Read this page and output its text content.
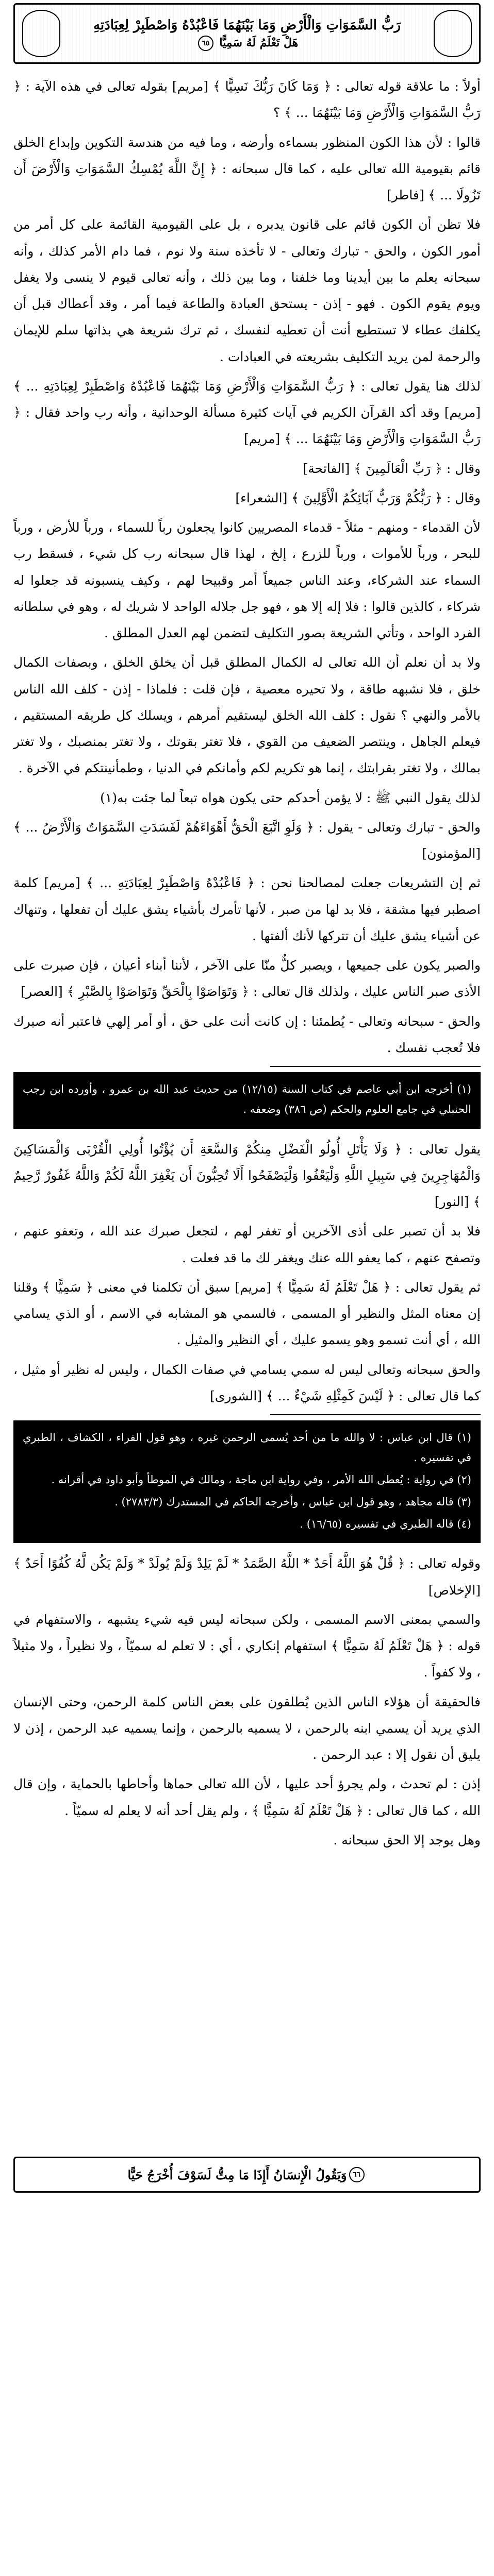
رَبُّ السَّمَوَاتِ وَالْأَرْضِ وَمَا بَيْنَهُمَا فَاعْبُدْهُ وَاصْطَبِرْ لِعِبَادَتِهِ
هَلْ تَعْلَمُ لَهُ سَمِيًّا ٦٥

أولاً : ما علاقة قوله تعالى : ﴿ وَمَا كَانَ رَبُّكَ نَسِيًّا ﴾ [مريم] بقوله تعالى في هذه الآية : ﴿ رَبُّ السَّمَوَاتِ وَالْأَرْضِ وَمَا بَيْنَهُمَا ... ﴾ ؟

قالوا : لأن هذا الكون المنظور بسماءه وأرضه ، وما فيه من هندسة التكوين وإبداع الخلق قائم بقيومية الله تعالى عليه ، كما قال سبحانه : ﴿ إِنَّ اللَّهَ يُمْسِكُ السَّمَوَاتِ وَالْأَرْضَ أَن تَزُولَا ... ﴾ [فاطر]

فلا تظن أن الكون قائم على قانون يدبره ، بل على القيومية القائمة على كل أمر من أمور الكون ، والحق - تبارك وتعالى - لا تأخذه سنة ولا نوم ، فما دام الأمر كذلك ، وأنه سبحانه يعلم ما بين أيدينا وما خلفنا ، وما بين ذلك ، وأنه تعالى قيوم لا ينسى ولا يغفل ويوم يقوم الكون . فهو - إذن - يستحق العبادة والطاعة فيما أمر ، وقد أعطاك قبل أن يكلفك عطاء لا تستطيع أنت أن تعطيه لنفسك ، ثم ترك شريعة هي بذاتها سلم للإيمان والرحمة لمن يريد التكليف بشريعته في العبادات .

لذلك هنا يقول تعالى : ﴿ رَبُّ السَّمَوَاتِ وَالْأَرْضِ وَمَا بَيْنَهُمَا فَاعْبُدْهُ وَاصْطَبِرْ لِعِبَادَتِهِ ... ﴾ [مريم] وقد أكد القرآن الكريم في آيات كثيرة مسألة الوحدانية ، وأنه رب واحد فقال : ﴿ رَبُّ السَّمَوَاتِ وَالْأَرْضِ وَمَا بَيْنَهُمَا ... ﴾ [مريم]

وقال : ﴿ رَبِّ الْعَالَمِينَ ﴾ [الفاتحة]

وقال : ﴿ رَبُّكُمْ وَرَبُّ آبَائِكُمُ الْأَوَّلِينَ ﴾ [الشعراء]

لأن القدماء - ومنهم - مثلاً - قدماء المصريين كانوا يجعلون رباً للسماء ، ورباً للأرض ، ورباً للبحر ، ورباً للأموات ، ورباً للزرع ، إلخ ، لهذا قال سبحانه رب كل شيء ، فسقط رب السماء عند الشركاء، وعند الناس جميعاً أمر وقبيحا لهم ، وكيف ينسبونه قد جعلوا له شركاء ، كالذين قالوا : فلا إله إلا هو ، فهو جل جلاله الواحد لا شريك له ، وهو في سلطانه الفرد الواحد ، وتأتي الشريعة بصور التكليف لتضمن لهم العدل المطلق .

ولا بد أن نعلم أن الله تعالى له الكمال المطلق قبل أن يخلق الخلق ، وبصفات الكمال خلق ، فلا نشبهه طاقة ، ولا تحيره معصية ، فإن قلت : فلماذا - إذن - كلف الله الناس بالأمر والنهي ؟ نقول : كلف الله الخلق ليستقيم أمرهم ، ويسلك كل طريقه المستقيم ، فيعلم الجاهل ، وينتصر الضعيف من القوي ، فلا تغتر بقوتك ، ولا تغتر بمنصبك ، ولا تغتر بمالك ، ولا تغتر بقرابتك ، إنما هو تكريم لكم وأمانكم في الدنيا ، وطمأنينتكم في الآخرة .

لذلك يقول النبي ﷺ : لا يؤمن أحدكم حتى يكون هواه تبعاً لما جئت به(١)

والحق - تبارك وتعالى - يقول : ﴿ وَلَوِ اتَّبَعَ الْحَقُّ أَهْوَاءَهُمْ لَفَسَدَتِ السَّمَوَاتُ وَالْأَرْضُ ... ﴾ [المؤمنون]

ثم إن التشريعات جعلت لمصالحنا نحن : ﴿ فَاعْبُدْهُ وَاصْطَبِرْ لِعِبَادَتِهِ ... ﴾ [مريم] كلمة اصطبر فيها مشقة ، فلا بد لها من صبر ، لأنها تأمرك بأشياء يشق عليك أن تفعلها ، وتنهاك عن أشياء يشق عليك أن تتركها لأنك ألفتها .

والصبر يكون على جميعها ، ويصبر كلٌّ منّا على الآخر ، لأننا أبناء أعيان ، فإن صبرت على الأذى صبر الناس عليك ، ولذلك قال تعالى : ﴿ وَتَوَاصَوْا بِالْحَقِّ وَتَوَاصَوْا بِالصَّبْرِ ﴾ [العصر]

والحق - سبحانه وتعالى - يُطمئنا : إن كانت أنت على حق ، أو أمر إلهي فاعتبر أنه صبرك فلا تُعجب نفسك .

(١) أخرجه ابن أبي عاصم في كتاب السنة (١٢/١٥) من حديث عبد الله بن عمرو ، وأورده ابن رجب الحنبلي في جامع العلوم والحكم (ص ٣٨٦) وضعفه .

يقول تعالى : ﴿ وَلَا يَأْتَلِ أُولُو الْفَضْلِ مِنكُمْ وَالسَّعَةِ أَن يُؤْتُوا أُولِي الْقُرْبَى وَالْمَسَاكِينَ وَالْمُهَاجِرِينَ فِي سَبِيلِ اللَّهِ وَلْيَعْفُوا وَلْيَصْفَحُوا أَلَا تُحِبُّونَ أَن يَغْفِرَ اللَّهُ لَكُمْ وَاللَّهُ غَفُورٌ رَّحِيمٌ ﴾ [النور]

فلا بد أن تصبر على أذى الآخرين أو تغفر لهم ، لتجعل صبرك عند الله ، وتعفو عنهم ، وتصفح عنهم ، كما يعفو الله عنك ويغفر لك ما قد فعلت .

ثم يقول تعالى : ﴿ هَلْ تَعْلَمُ لَهُ سَمِيًّا ﴾ [مريم] سبق أن تكلمنا في معنى ﴿ سَمِيًّا ﴾ وقلنا إن معناه المثل والنظير أو المسمى ، فالسمي هو المشابه في الاسم ، أو الذي يسامي الله ، أي أنت تسمو وهو يسمو عليك ، أي النظير والمثيل .

والحق سبحانه وتعالى ليس له سمي يسامي في صفات الكمال ، وليس له نظير أو مثيل ، كما قال تعالى : ﴿ لَيْسَ كَمِثْلِهِ شَيْءٌ ... ﴾ [الشورى]

(١) قال ابن عباس : لا والله ما من أحد يُسمى الرحمن غيره ، وهو قول الفراء ، الكشاف ، الطبري في تفسيره .

(٢) في رواية : يُعطى الله الأمر ، وفي رواية ابن ماجة ، ومالك في الموطأ وأبو داود في أقرانه .

(٣) قاله مجاهد ، وهو قول ابن عباس ، وأخرجه الحاكم في المستدرك (٢٧٨٣/٣) .

(٤) قاله الطبري في تفسيره (١٦/٦٥) .

وقوله تعالى : ﴿ قُلْ هُوَ اللَّهُ أَحَدٌ * اللَّهُ الصَّمَدُ * لَمْ يَلِدْ وَلَمْ يُولَدْ * وَلَمْ يَكُن لَّهُ كُفُوًا أَحَدٌ ﴾ [الإخلاص]

والسمي بمعنى الاسم المسمى ، ولكن سبحانه ليس فيه شيء يشبهه ، والاستفهام في قوله : ﴿ هَلْ تَعْلَمُ لَهُ سَمِيًّا ﴾ استفهام إنكاري ، أي : لا تعلم له سميّاً ، ولا نظيراً ، ولا مثيلاً ، ولا كفواً .

فالحقيقة أن هؤلاء الناس الذين يُطلقون على بعض الناس كلمة الرحمن، وحتى الإنسان الذي يريد أن يسمي ابنه بالرحمن ، لا يسميه بالرحمن ، وإنما يسميه عبد الرحمن ، إذن لا يليق أن نقول إلا : عبد الرحمن .

إذن : لم تحدث ، ولم يجرؤ أحد عليها ، لأن الله تعالى حماها وأحاطها بالحماية ، وإن قال الله ، كما قال تعالى : ﴿ هَلْ تَعْلَمُ لَهُ سَمِيًّا ﴾ ، ولم يقل أحد أنه لا يعلم له سميّاً .

وهل يوجد إلا الحق سبحانه .

٦٦
وَيَقُولُ الْإِنسَانُ أَإِذَا مَا مِتُّ لَسَوْفَ أُخْرَجُ حَيًّا
